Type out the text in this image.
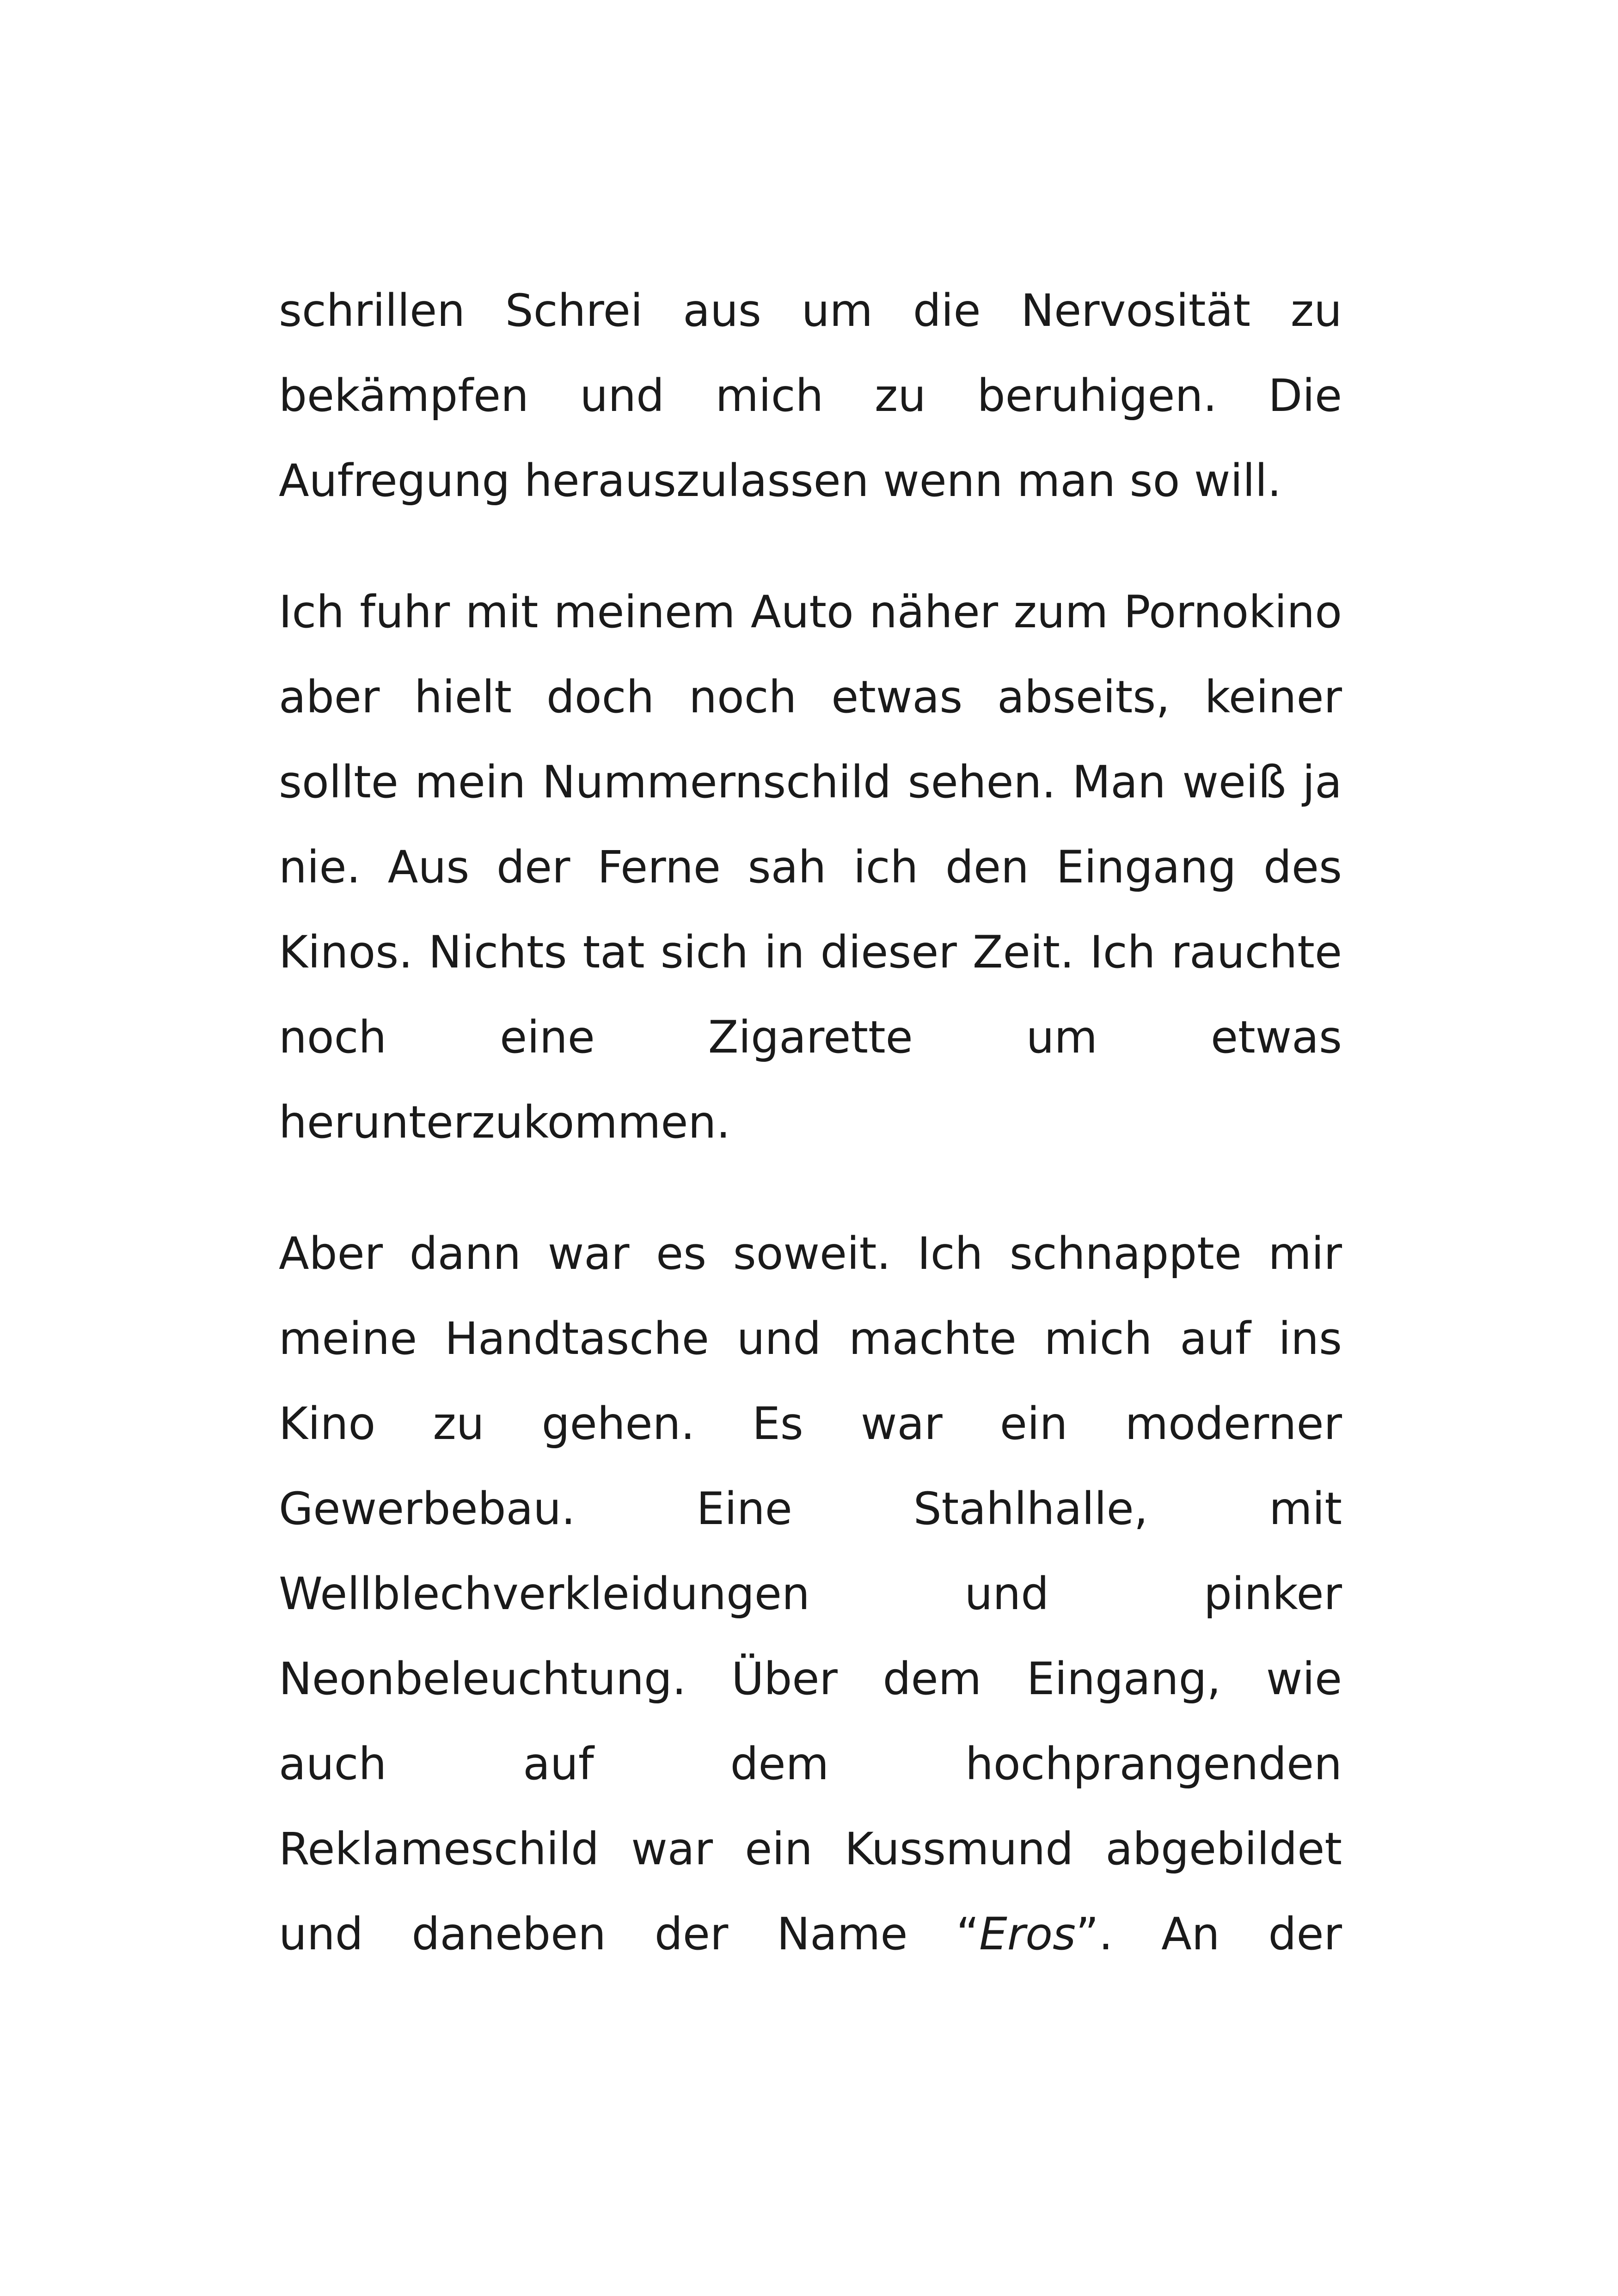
schrillen Schrei aus um die Nervosität zu
bekämpfen und mich zu beruhigen. Die
Aufregung herauszulassen wenn man so will.
Ich fuhr mit meinem Auto näher zum Pornokino
aber hielt doch noch etwas abseits, keiner
sollte mein Nummernschild sehen. Man weiß ja
nie. Aus der Ferne sah ich den Eingang des
Kinos. Nichts tat sich in dieser Zeit. Ich rauchte
noch eine Zigarette um etwas
herunterzukommen.
Aber dann war es soweit. Ich schnappte mir
meine Handtasche und machte mich auf ins
Kino zu gehen. Es war ein moderner
Gewerbebau. Eine Stahlhalle, mit
Wellblechverkleidungen und pinker
Neonbeleuchtung. Über dem Eingang, wie
auch auf dem hochprangenden
Reklameschild war ein Kussmund abgebildet
und daneben der Name “Eros”. An der
